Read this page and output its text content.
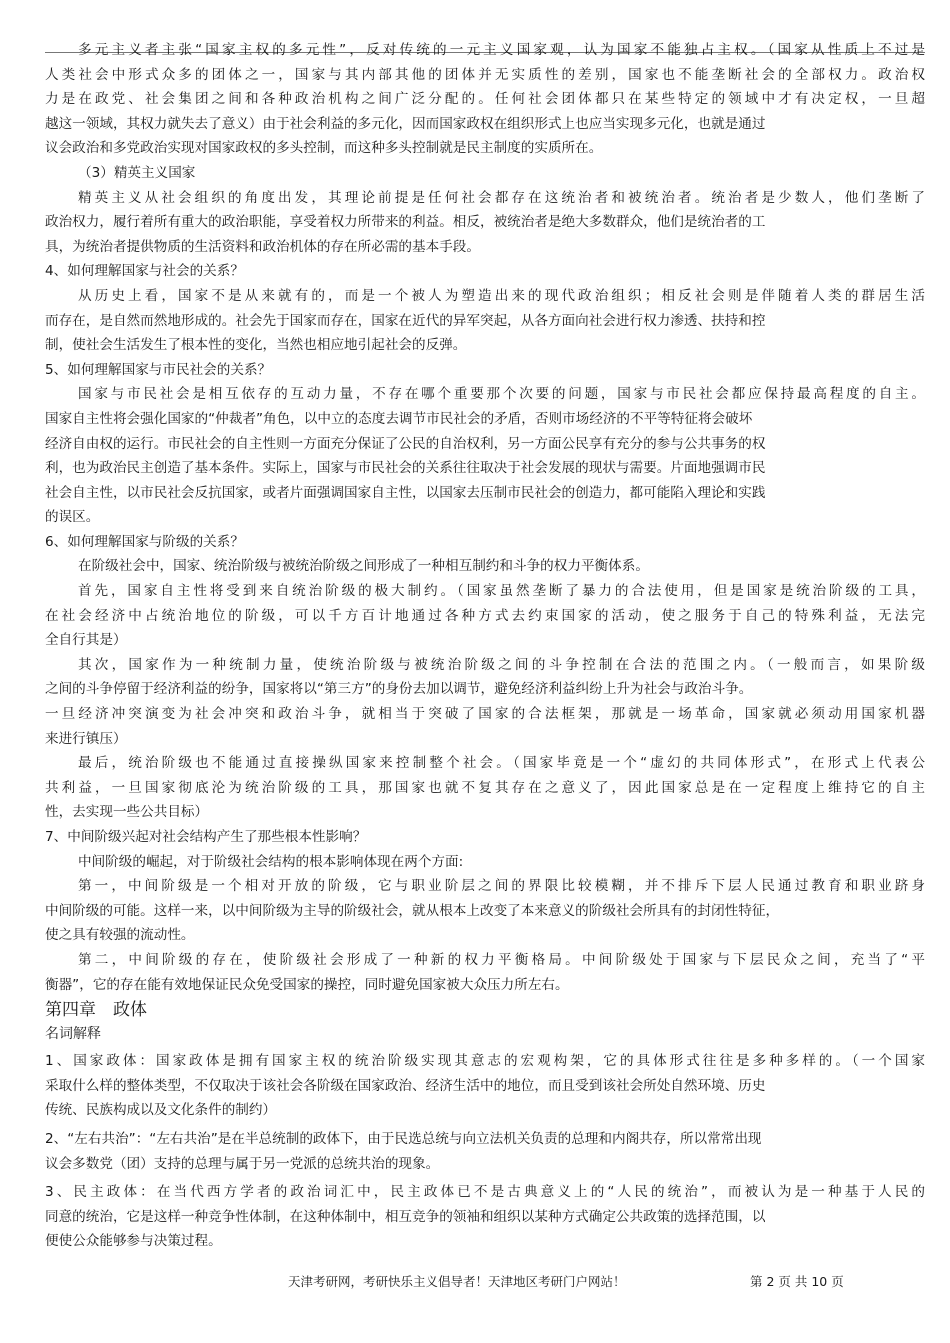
多元主义者主张“国家主权的多元性”，反对传统的一元主义国家观，认为国家不能独占主权。（国家从性质上不过是
人类社会中形式众多的团体之一，国家与其内部其他的团体并无实质性的差别，国家也不能垄断社会的全部权力。政治权
力是在政党、社会集团之间和各种政治机构之间广泛分配的。任何社会团体都只在某些特定的领域中才有决定权，一旦超
越这一领域，其权力就失去了意义）由于社会利益的多元化，因而国家政权在组织形式上也应当实现多元化，也就是通过
议会政治和多党政治实现对国家政权的多头控制，而这种多头控制就是民主制度的实质所在。
（3）精英主义国家
精英主义从社会组织的角度出发，其理论前提是任何社会都存在这统治者和被统治者。统治者是少数人，他们垄断了
政治权力，履行着所有重大的政治职能，享受着权力所带来的利益。相反，被统治者是绝大多数群众，他们是统治者的工
具，为统治者提供物质的生活资料和政治机体的存在所必需的基本手段。
4、如何理解国家与社会的关系？
从历史上看，国家不是从来就有的，而是一个被人为塑造出来的现代政治组织；相反社会则是伴随着人类的群居生活
而存在，是自然而然地形成的。社会先于国家而存在，国家在近代的异军突起，从各方面向社会进行权力渗透、扶持和控
制，使社会生活发生了根本性的变化，当然也相应地引起社会的反弹。
5、如何理解国家与市民社会的关系？
国家与市民社会是相互依存的互动力量，不存在哪个重要那个次要的问题，国家与市民社会都应保持最高程度的自主。
国家自主性将会强化国家的“仲裁者”角色，以中立的态度去调节市民社会的矛盾，否则市场经济的不平等特征将会破坏
经济自由权的运行。市民社会的自主性则一方面充分保证了公民的自治权利，另一方面公民享有充分的参与公共事务的权
利，也为政治民主创造了基本条件。实际上，国家与市民社会的关系往往取决于社会发展的现状与需要。片面地强调市民
社会自主性，以市民社会反抗国家，或者片面强调国家自主性，以国家去压制市民社会的创造力，都可能陷入理论和实践
的误区。
6、如何理解国家与阶级的关系？
在阶级社会中，国家、统治阶级与被统治阶级之间形成了一种相互制约和斗争的权力平衡体系。
首先，国家自主性将受到来自统治阶级的极大制约。（国家虽然垄断了暴力的合法使用，但是国家是统治阶级的工具，
在社会经济中占统治地位的阶级，可以千方百计地通过各种方式去约束国家的活动，使之服务于自己的特殊利益，无法完
全自行其是）
其次，国家作为一种统制力量，使统治阶级与被统治阶级之间的斗争控制在合法的范围之内。（一般而言，如果阶级
之间的斗争停留于经济利益的纷争，国家将以“第三方”的身份去加以调节，避免经济利益纠纷上升为社会与政治斗争。
一旦经济冲突演变为社会冲突和政治斗争，就相当于突破了国家的合法框架，那就是一场革命，国家就必须动用国家机器
来进行镇压）
最后，统治阶级也不能通过直接操纵国家来控制整个社会。（国家毕竟是一个“虚幻的共同体形式”，在形式上代表公
共利益，一旦国家彻底沦为统治阶级的工具，那国家也就不复其存在之意义了，因此国家总是在一定程度上维持它的自主
性，去实现一些公共目标）
7、中间阶级兴起对社会结构产生了那些根本性影响？
中间阶级的崛起，对于阶级社会结构的根本影响体现在两个方面:
第一，中间阶级是一个相对开放的阶级，它与职业阶层之间的界限比较模糊，并不排斥下层人民通过教育和职业跻身
中间阶级的可能。这样一来，以中间阶级为主导的阶级社会，就从根本上改变了本来意义的阶级社会所具有的封闭性特征，
使之具有较强的流动性。
第二，中间阶级的存在，使阶级社会形成了一种新的权力平衡格局。中间阶级处于国家与下层民众之间，充当了“平
衡器”，它的存在能有效地保证民众免受国家的操控，同时避免国家被大众压力所左右。
第四章　政体
名词解释
1、国家政体：国家政体是拥有国家主权的统治阶级实现其意志的宏观构架，它的具体形式往往是多种多样的。（一个国家
采取什么样的整体类型，不仅取决于该社会各阶级在国家政治、经济生活中的地位，而且受到该社会所处自然环境、历史
传统、民族构成以及文化条件的制约）
2、“左右共治”：“左右共治”是在半总统制的政体下，由于民选总统与向立法机关负责的总理和内阁共存，所以常常出现
议会多数党（团）支持的总理与属于另一党派的总统共治的现象。
3、民主政体：在当代西方学者的政治词汇中，民主政体已不是古典意义上的“人民的统治”，而被认为是一种基于人民的
同意的统治，它是这样一种竞争性体制，在这种体制中，相互竞争的领袖和组织以某种方式确定公共政策的选择范围，以
便使公众能够参与决策过程。
天津考研网，考研快乐主义倡导者！天津地区考研门户网站！	第 2 页 共 10 页
